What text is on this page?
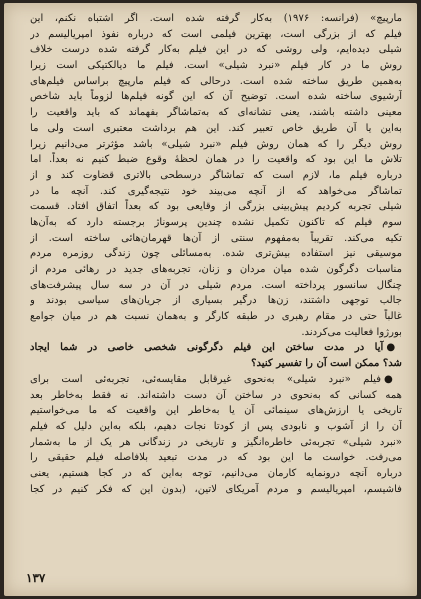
مارپیچ» (فرانسه: ۱۹۷۶) به‌کار گرفته شده است. اگر اشتباه نکنم، این
فیلم که از بزرگی است، بهترین فیلمی است که درباره نفوذ امپریالیسم در
شیلی دیده‌ایم، ولی روشی که در این فیلم به‌کار گرفته شده درست خلاف
روش ما در کار فیلم «نبرد شیلی» است. فیلم ما دیالکتیکی است زیرا
به‌همین طریق ساخته شده است. درحالی که فیلم مارپیچ براساس فیلم‌های
آرشیوی ساخته شده است. توضیح آن که این گونه فیلم‌ها لزوماً باید شاخص
معینی داشته باشند، یعنی تشانه‌ای که به‌تماشاگر بفهماند که باید واقعیت را
به‌این یا آن طریق خاص تعبیر کند. این هم برداشت معتبری است ولی ما
روش دیگر را که همان روش فیلم «نبرد شیلی» باشد مؤثرتر می‌دانیم زیرا
تلاش ما این بود که واقعیت را در همان لحظهٔ وقوع ضبط کنیم نه بعداً. اما
درباره فیلم ما، لازم است که تماشاگر درسطحی بالاتری قضاوت کند و از
تماشاگر می‌خواهد که از آنچه می‌بیند خود نتیجه‌گیری کند. آنچه ما در
شیلی تجربه کردیم پیش‌بینی بزرگی از وقایعی بود که بعداً اتفاق افتاد. قسمت
سوم فیلم که تاکنون تکمیل نشده چندین پرسوناژ برجسته دارد که به‌آن‌ها
تکیه می‌کند. تقریباً به‌مفهوم سنتی از آن‌ها قهرمان‌هائی ساخته است. از
موسیقی نیز استفاده بیش‌تری شده. به‌مسائلی چون زندگی روزمره مردم
مناسبات دگرگون شده میان مردان و زنان، تجربه‌های جدید در رهائی مردم از
چنگال سانسور پرداخته است. مردم شیلی در آن در سه سال پیشرفت‌های
جالب توجهی داشتند، زن‌ها درگیر بسیاری از جریان‌های سیاسی بودند و
غالباً حتی در مقام رهبری در طبقه کارگر و به‌همان نسبت هم در میان جوامع
بورژوا فعالیت می‌کردند.
●آیا در مدت ساختن این فیلم دگرگونی شخصی خاصی در شما ایجاد
شد؟ ممکن است آن را تفسیر کنید؟
●فیلم «نبرد شیلی» به‌نحوی غیرقابل مقایسه‌ئی، تجربه‌ئی است برای
همه کسانی که به‌نحوی در ساختن آن دست داشته‌اند. نه فقط به‌خاطر بعد
تاریخی یا ارزش‌های سینمائی آن یا به‌خاطر این واقعیت که ما می‌خواستیم
آن را از آشوب و نابودی پس از کودتا نجات دهیم، بلکه به‌این دلیل که فیلم
«نبرد شیلی» تجربه‌ئی خاطره‌انگیز و تاریخی در زندگانی هر یک از ما به‌شمار
می‌رفت. خواست ما این بود که در مدت تبعید بلافاصله فیلم حقیقی را
درباره آنچه درونمایه کارمان می‌دانیم، توجه به‌این که در کجا هستیم، یعنی
فاشیسم، امپریالیسم و مردم آمریکای لاتین، (بدون این که فکر کنیم در کجا
۱۳۷
